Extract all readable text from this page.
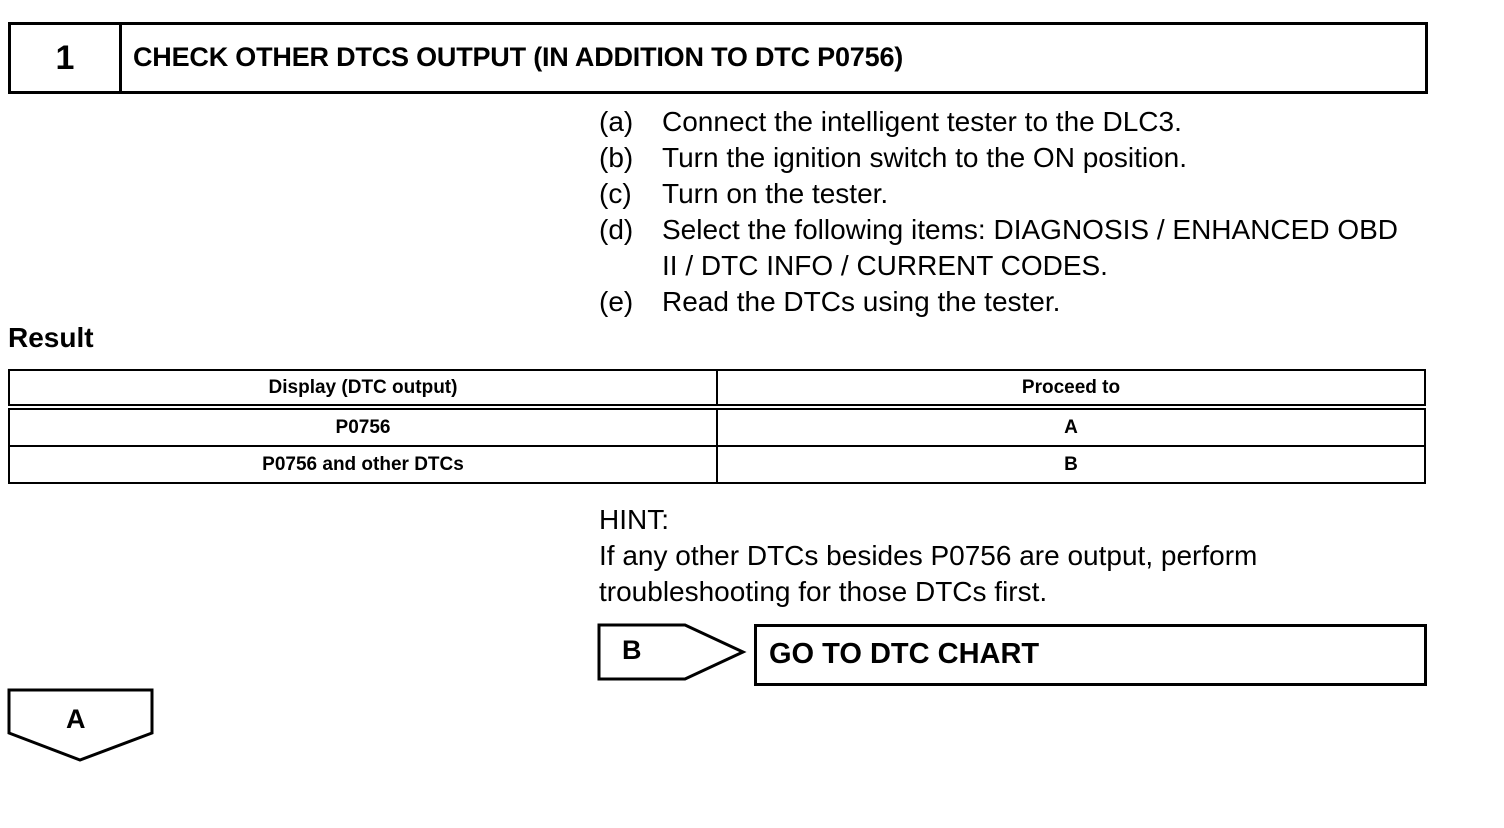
1	CHECK OTHER DTCS OUTPUT (IN ADDITION TO DTC P0756)
(a)	Connect the intelligent tester to the DLC3.
(b)	Turn the ignition switch to the ON position.
(c)	Turn on the tester.
(d)	Select the following items: DIAGNOSIS / ENHANCED OBD II / DTC INFO / CURRENT CODES.
(e)	Read the DTCs using the tester.
Result
Display (DTC output)	Proceed to
P0756	A
P0756 and other DTCs	B
HINT:
If any other DTCs besides P0756 are output, perform troubleshooting for those DTCs first.
B	GO TO DTC CHART
A
